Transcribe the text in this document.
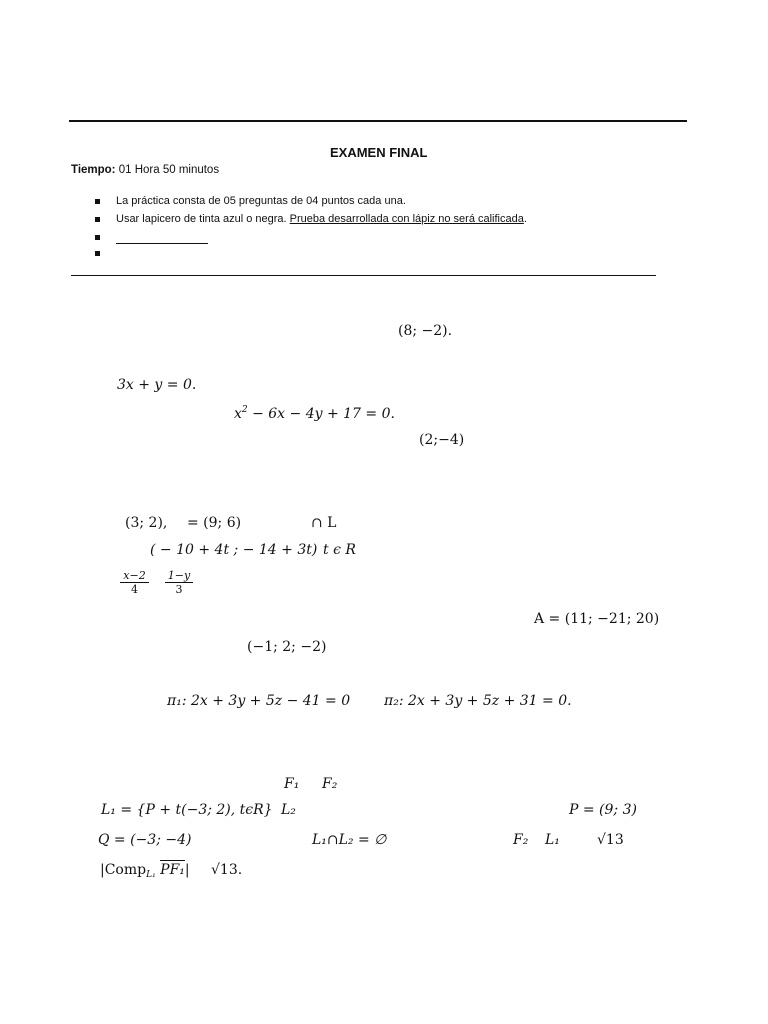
EXAMEN FINAL
Tiempo: 01 Hora 50 minutos
La práctica consta de 05 preguntas de 04 puntos cada una.
Usar lapicero de tinta azul o negra. Prueba desarrollada con lápiz no será calificada.
(8; −2).
3x + y = 0.
$x^2 - 6x - 4y + 17 = 0$.
(2;−4)
(3; 2), = (9; 6)	∩ L
( − 10 + 4t ; − 14 + 3t) t ϵ R
$\frac{x-2}{4} \frac{1-y}{3}$
A = (11; −21; 20)
(−1; 2; −2)
π₁: 2x + 3y + 5z − 41 = 0 π₂: 2x + 3y + 5z + 31 = 0.
F₁ F₂
L₁ = {P + t(−3; 2), tϵR} L₂	P = (9; 3)
Q = (−3; −4)	L₁∩L₂ = ∅	F₂ L₁	√13
|Comp$_{L_1}$ PF₁| √13.
